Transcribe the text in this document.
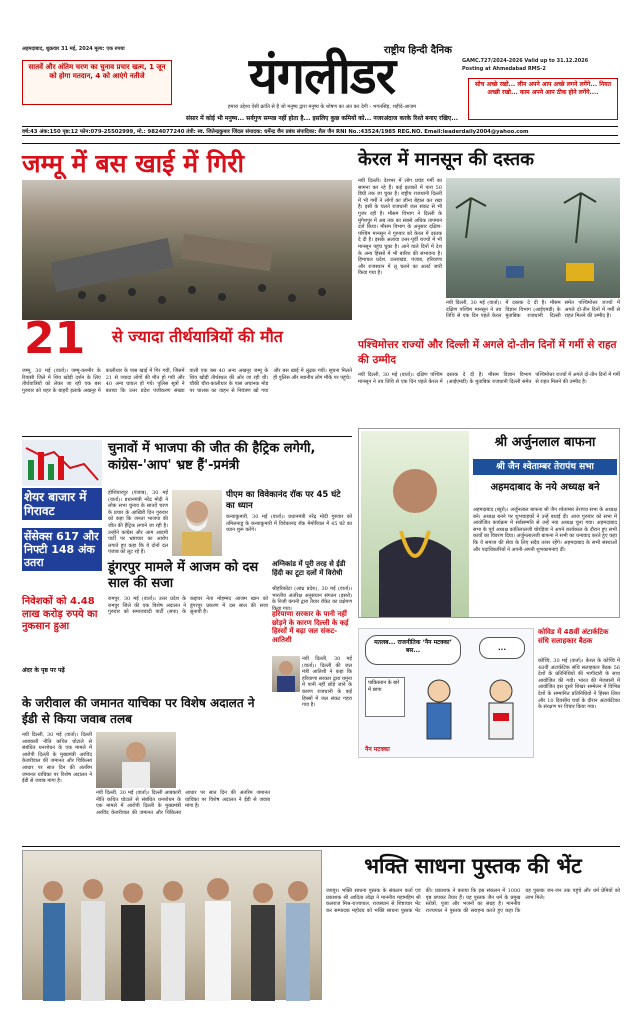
अहमदाबाद, शुक्रवार 31 मई, 2024 मूल्य: एक रुपया
सातवें और अंतिम चरण का चुनाव प्रचार खत्म, 1 जून को होगा मतदान, 4 को आएंगे नतीजे
राष्ट्रीय हिन्दी दैनिक
यंगलीडर	GAMC.727/2024-2026 Valid up to 31.12.2026
Posting at Ahmedabad RMS-2
सोच अच्छे रखो... लीन अपने आप अच्छे लगने लगेंगे... नियत अच्छी रखो... काम अपने आप ठीक होने लगेंगे....
हमारा उद्देश्य ऐसी क्रांति से है जो मनुष्य द्वारा मनुष्य के शोषण का अंत कर देगी - भगतसिंह, शहीदे-आजम
संसार में कोई भी मनुष्य... सर्वगुण सम्पन्न नहीं होता है... इसलिए कुछ कमियों को... नजरअंदाज करके रिश्ते बनाए रखिए...
वर्ष:43 अंक:150 पृष्ठ:12 फोन:079-25502999, मो.: 9824077240 तंत्री: स्व. जितेन्द्रकुमार जिंदल संपादक: धर्मेन्द्र जैन प्रबंध संपादिका: शैल जैन RNI No.:43524/1985 REG.NO. Email:leaderdaily2004@yahoo.com
जम्मू में बस खाई में गिरी
21 से ज्यादा तीर्थयात्रियों की मौत
जम्मू, 30 मई (वार्ता)। जम्मू-कश्मीर के रियासी जिले में शिव खोड़ी दर्शन के लिए तीर्थयात्रियों को लेकर जा रही एक बस गुरुवार को शहर के बाहरी इलाके अखनूर में कालीधार के पास खाई में गिर गयी, जिसमें 21 से ज्यादा लोगों की मौत हो गयी और 40 अन्य घायल हो गये। पुलिस सूत्रों ने बताया कि उत्तर प्रदेश पंजीकरण संख्या वाली एक बस 40 अन्य अखनूर जम्मू के शिव खोड़ी तीर्थस्थल की ओर जा रही थी। चौकी चौरा-कालीधार के पास अचानक मोड़ पर चालक का वाहन से नियंत्रण खो गया और बस खाई में लुढ़क गयी। सूचना मिलते ही पुलिस और स्थानीय लोग मौके पर पहुंचे।
केरल में मानसून की दस्तक
नयी दिल्ली। देशभर में लोग प्रचंड गर्मी का सामना कर रहे हैं। कई इलाकों में पारा 50 डिग्री तक जा चुका है। राष्ट्रीय राजधानी दिल्ली में भी गर्मी ने लोगों का जीना बेहाल कर रखा है। इसी के चलते राजधानी जल संकट से भी गुजर रही है। मौसम विभाग ने दिल्ली के मुंगेशपुर में अब तक का सबसे अधिक तापमान दर्ज किया। मौसम विभाग के अनुसार दक्षिण-पश्चिम मानसून ने गुरुवार को केरल में दस्तक दे दी है। इसके अलावा उत्तर-पूर्वी राज्यों में भी मानसून पहुंच चुका है। आने वाले दिनों में देश के अन्य हिस्सों में भी बारिश की संभावना है। हिमाचल प्रदेश, उत्तराखंड, पंजाब, हरियाणा और राजस्थान में लू चलने का अलर्ट जारी किया गया है।
नयी दिल्ली, 30 मई (वार्ता)। दक्षिण पश्चिम मानसून ने तय तिथि से एक दिन पहले केरल में दस्तक दे दी है। मौसम विज्ञान विभाग (आईएमडी) के मुताबिक राजधानी दिल्ली समेत पश्चिमोत्तर राज्यों में अगले दो-तीन दिनों में गर्मी से राहत मिलने की उम्मीद है।
पश्चिमोत्तर राज्यों और दिल्ली में अगले दो-तीन दिनों में गर्मी से राहत की उम्मीद
नयी दिल्ली, 30 मई (वार्ता)। दक्षिण पश्चिम मानसून ने तय तिथि से एक दिन पहले केरल में दस्तक दे दी है। मौसम विज्ञान विभाग (आईएमडी) के मुताबिक राजधानी दिल्ली समेत पश्चिमोत्तर राज्यों में अगले दो-तीन दिनों में गर्मी से राहत मिलने की उम्मीद है।
शेयर बाजार में गिरावट
सेंसेक्स 617 और निफ्टी 148 अंक उतरा
निवेशकों को 4.48 लाख करोड़ रुपये का नुकसान हुआ
अंदर के पृष्ठ पर पढ़ें
चुनावों में भाजपा की जीत की हैट्रिक लगेगी, कांग्रेस-'आप' भ्रष्ट हैं'-प्रमंत्री
होशियारपुर (पंजाब), 30 मई (वार्ता)। प्रधानमंत्री नरेंद्र मोदी ने लोक सभा चुनाव के सातवें चरण के प्रचार के आखिरी दिन गुरुवार को कहा कि जनता भाजपा की जीत की हैट्रिक लगाने जा रही है। उन्होंने कांग्रेस और आम आदमी पार्टी पर भ्रष्टाचार का आरोप लगाते हुए कहा कि ये दोनों दल पंजाब को लूट रहे हैं।
पीएम का विवेकानंद रॉक पर 45 घंटे का ध्यान
कन्याकुमारी, 30 मई (वार्ता)। प्रधानमंत्री नरेंद्र मोदी गुरुवार को तमिलनाडु के कन्याकुमारी में विवेकानंद रॉक मेमोरियल में 45 घंटे का ध्यान शुरू करेंगे।
डूंगरपुर मामले में आजम को दस साल की सजा
रामपुर, 30 मई (वार्ता)। उत्तर प्रदेश के रामपुर जिले की एक विशेष अदालत ने गुरुवार को समाजवादी पार्टी (सपा) के कद्दावर नेता मोहम्मद आजम खान को डूंगरपुर प्रकरण में दस साल की सजा सुनायी है।
अग्निकांड में पूरी तरह से ईडी हिंदी का टूटा दलों में विरोधी
श्रीहरिकोटा (आंध्र प्रदेश), 30 मई (वार्ता)। भारतीय अंतरिक्ष अनुसंधान संगठन (इसरो) के निजी कंपनी द्वारा तैयार रॉकेट का प्रक्षेपण किया गया।
हरियाणा सरकार के पानी नहीं छोड़ने के कारण दिल्ली के कई हिस्सों में बढ़ा जल संकट-आतिशी
नयी दिल्ली, 30 मई (वार्ता)। दिल्ली की जल मंत्री आतिशी ने कहा कि हरियाणा सरकार द्वारा यमुना में पानी नहीं छोड़े जाने के कारण राजधानी के कई हिस्सों में जल संकट गहरा गया है।
के जरीवाल की जमानत याचिका पर विशेष अदालत ने ईडी से किया जवाब तलब
नयी दिल्ली, 30 मई (वार्ता)। दिल्ली आबकारी नीति कथित घोटाले से संबंधित धनशोधन के एक मामले में आरोपी दिल्ली के मुख्यमंत्री अरविंद केजरीवाल की जमानत और चिकित्सा आधार पर सात दिन की अंतरिम जमानत याचिका पर विशेष अदालत ने ईडी से जवाब मांगा है।
नयी दिल्ली, 30 मई (वार्ता)। दिल्ली आबकारी नीति कथित घोटाले से संबंधित धनशोधन के एक मामले में आरोपी दिल्ली के मुख्यमंत्री अरविंद केजरीवाल की जमानत और चिकित्सा आधार पर सात दिन की अंतरिम जमानत याचिका पर विशेष अदालत ने ईडी से जवाब मांगा है।
श्री अर्जुनलाल बाफना
श्री जैन श्वेताम्बर तेरापंथ सभा
अहमदाबाद के नये अध्यक्ष बने
अहमदाबाद (ब्यूरो)। अर्जुनलाल बाफना श्री जैन श्वेताम्बर तेरापंथ सभा के अध्यक्ष बने। अध्यक्ष बनने पर शुभचाहकों ने उन्हें बधाई दी। आज गुरुवार को सभा में आयोजित कार्यक्रम में सर्वसम्मति से उन्हें नया अध्यक्ष चुना गया। अहमदाबाद सभा के पूर्व अध्यक्ष कांतिलालजी चोरड़िया ने अपने कार्यकाल के दौरान हुए सभी कार्यों का विवरण दिया। अर्जुनलालजी बाफना ने सभी का धन्यवाद करते हुए कहा कि वे समाज की सेवा के लिए सदैव तत्पर रहेंगे। अहमदाबाद के सभी संस्थाओं और पदाधिकारियों ने अपनी-अपनी शुभकामनाएं दीं।
मतलब... राजनीतिक ‘नैन मटक्का’ बस...	...
पाकिस्तान के बारे में छापा
नैन मटक्का
कोविड में 48वीं अंटार्कटिक संधि सलाहकार बैठक
कोच्चि, 30 मई (वार्ता)। केरल के कोच्चि में 48वीं अंटार्कटिक संधि सलाहकार बैठक 56 देशों के प्रतिनिधियों की भागीदारी के साथ आयोजित की गयी। भारत की मेजबानी में आयोजित इस दूसरे शिखर सम्मेलन में विभिन्न देशों के सम्मानित प्रतिनिधियों ने हिस्सा लिया और 10 दिवसीय चर्चा के दौरान अंटार्कटिका के संरक्षण पर विचार किया गया।
भक्ति साधना पुस्तक की भेंट
जयपुर। भक्ति साधना पुस्तक के संकलन कर्ता एवं प्रकाशक श्री आदित्य लोढ़ा ने माननीय महामहिम श्री कलराज मिश्र-राज्यपाल, राजस्थान से शिष्टाचार भेंट कर सम्पादक महोदय को भक्ति साधना पुस्तक भेंट की। प्रकाशक ने बताया कि इस संकलन में 1000 पृष्ठ छपकर तैयार हैं। यह पुस्तक जैन धर्म के प्रमुख स्तोत्रों, पूजा और भजनों का संग्रह है। माननीय राज्यपाल ने पुस्तक की सराहना करते हुए कहा कि यह पुस्तक जन-जन तक पहुंचे और धर्म प्रेमियों को लाभ मिले।
